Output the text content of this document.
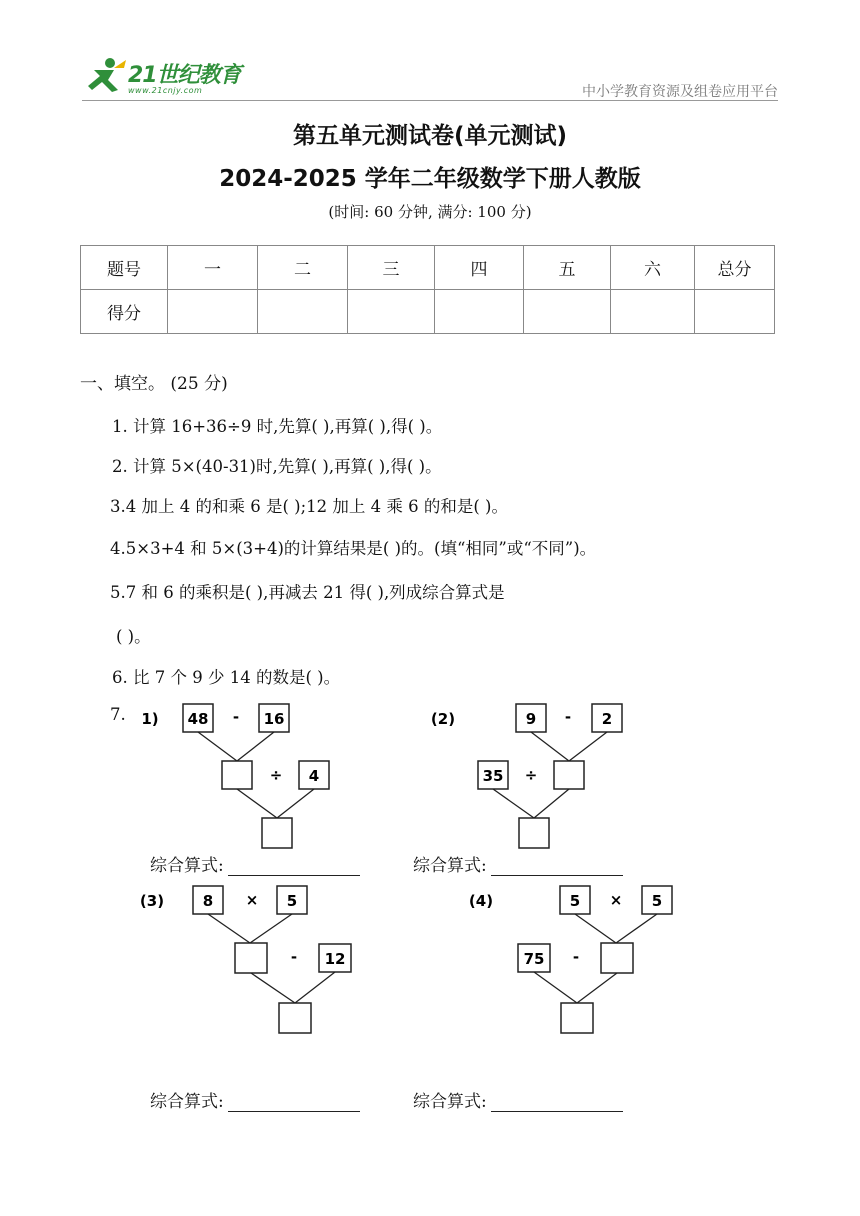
21世纪教育
www.21cnjy.com	中小学教育资源及组卷应用平台
第五单元测试卷(单元测试)
2024-2025 学年二年级数学下册人教版
(时间: 60 分钟, 满分: 100 分)
题号	一	二	三	四	五	六	总分
得分							
一、填空。 (25 分)
1. 计算 16+36÷9 时,先算( ),再算( ),得( )。
2. 计算 5×(40-31)时,先算( ),再算( ),得( )。
3.4 加上 4 的和乘 6 是( );12 加上 4 乘 6 的和是( )。
4.5×3+4 和 5×(3+4)的计算结果是( )的。(填“相同”或“不同”)。
5.7 和 6 的乘积是( ),再减去 21 得( ),列成综合算式是
( )。
6. 比 7 个 9 少 14 的数是( )。
7. 1) 48 - 16
÷ 4
(2)	9 - 2
35 ÷
(3)	8 × 5
- 12
(4)	5 × 5
75 -
综合算式:	综合算式:
综合算式:	综合算式:
